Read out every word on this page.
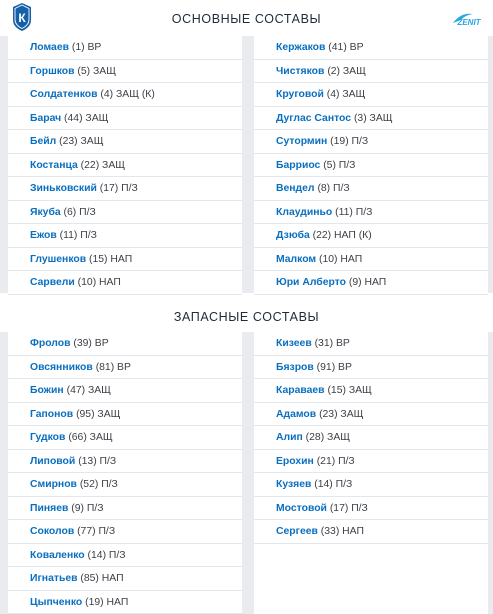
К	ОСНОВНЫЕ СОСТАВЫ	ZENIT
Ломаев (1) ВР
Горшков (5) ЗАЩ
Солдатенков (4) ЗАЩ (К)
Барач (44) ЗАЩ
Бейл (23) ЗАЩ
Костанца (22) ЗАЩ
Зиньковский (17) П/З
Якуба (6) П/З
Ежов (11) П/З
Глушенков (15) НАП
Сарвели (10) НАП
Кержаков (41) ВР
Чистяков (2) ЗАЩ
Круговой (4) ЗАЩ
Дуглас Сантос (3) ЗАЩ
Сутормин (19) П/З
Барриос (5) П/З
Вендел (8) П/З
Клаудиньо (11) П/З
Дзюба (22) НАП (К)
Малком (10) НАП
Юри Алберто (9) НАП
ЗАПАСНЫЕ СОСТАВЫ
Фролов (39) ВР
Овсянников (81) ВР
Божин (47) ЗАЩ
Гапонов (95) ЗАЩ
Гудков (66) ЗАЩ
Липовой (13) П/З
Смирнов (52) П/З
Пиняев (9) П/З
Соколов (77) П/З
Коваленко (14) П/З
Игнатьев (85) НАП
Цыпченко (19) НАП
Кизеев (31) ВР
Бязров (91) ВР
Караваев (15) ЗАЩ
Адамов (23) ЗАЩ
Алип (28) ЗАЩ
Ерохин (21) П/З
Кузяев (14) П/З
Мостовой (17) П/З
Сергеев (33) НАП
